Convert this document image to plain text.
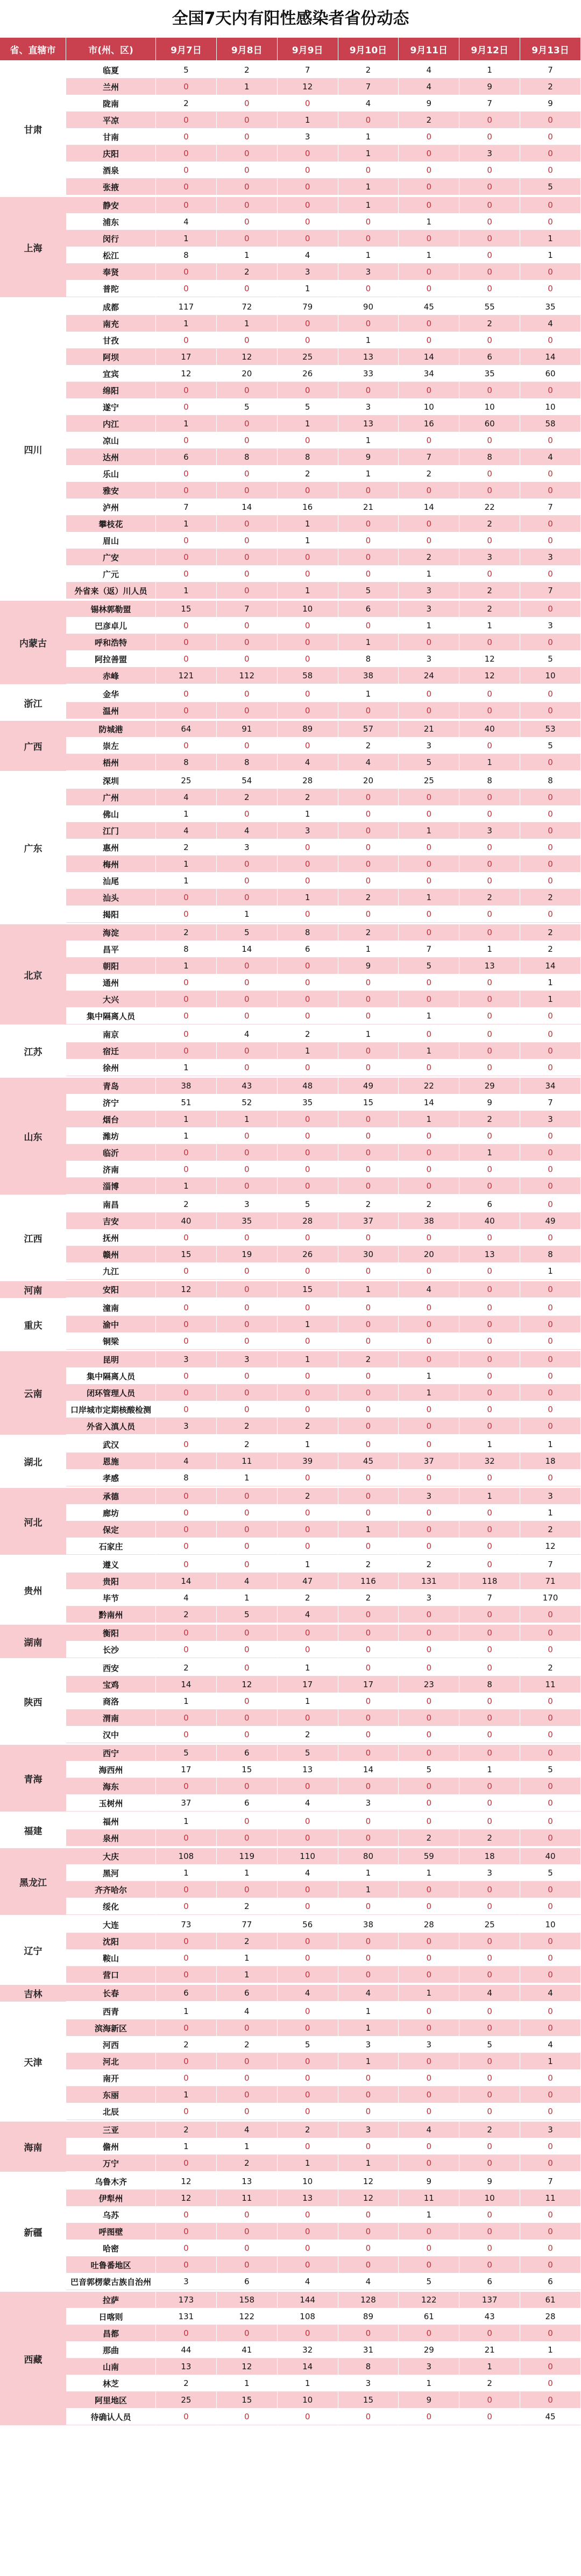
全国7天内有阳性感染者省份动态
省、直辖市	市(州、区)	9月7日	9月8日	9月9日	9月10日	9月11日	9月12日	9月13日
甘肃
临夏	5	2	7	2	4	1	7
兰州	0	1	12	7	4	9	2
陇南	2	0	0	4	9	7	9
平凉	0	0	1	0	2	0	0
甘南	0	0	3	1	0	0	0
庆阳	0	0	0	1	0	3	0
酒泉	0	0	0	0	0	0	0
张掖	0	0	0	1	0	0	5
上海
静安	0	0	0	1	0	0	0
浦东	4	0	0	0	1	0	0
闵行	1	0	0	0	0	0	1
松江	8	1	4	1	1	0	1
奉贤	0	2	3	3	0	0	0
普陀	0	0	1	0	0	0	0
四川
成都	117	72	79	90	45	55	35
南充	1	1	0	0	0	2	4
甘孜	0	0	0	1	0	0	0
阿坝	17	12	25	13	14	6	14
宜宾	12	20	26	33	34	35	60
绵阳	0	0	0	0	0	0	0
遂宁	0	5	5	3	10	10	10
内江	1	0	1	13	16	60	58
凉山	0	0	0	1	0	0	0
达州	6	8	8	9	7	8	4
乐山	0	0	2	1	2	0	0
雅安	0	0	0	0	0	0	0
泸州	7	14	16	21	14	22	7
攀枝花	1	0	1	0	0	2	0
眉山	0	0	1	0	0	0	0
广安	0	0	0	0	2	3	3
广元	0	0	0	0	1	0	0
外省来（返）川人员	1	0	1	5	3	2	7
内蒙古
锡林郭勒盟	15	7	10	6	3	2	0
巴彦卓儿	0	0	0	0	1	1	3
呼和浩特	0	0	0	1	0	0	0
阿拉善盟	0	0	0	8	3	12	5
赤峰	121	112	58	38	24	12	10
浙江
金华	0	0	0	1	0	0	0
温州	0	0	0	0	0	0	0
广西
防城港	64	91	89	57	21	40	53
崇左	0	0	0	2	3	0	5
梧州	8	8	4	4	5	1	0
广东
深圳	25	54	28	20	25	8	8
广州	4	2	2	0	0	0	0
佛山	1	0	1	0	0	0	0
江门	4	4	3	0	1	3	0
惠州	2	3	0	0	0	0	0
梅州	1	0	0	0	0	0	0
汕尾	1	0	0	0	0	0	0
汕头	0	0	1	2	1	2	2
揭阳	0	1	0	0	0	0	0
北京
海淀	2	5	8	2	0	0	2
昌平	8	14	6	1	7	1	2
朝阳	1	0	0	9	5	13	14
通州	0	0	0	0	0	0	1
大兴	0	0	0	0	0	0	1
集中隔离人员	0	0	0	0	1	0	0
江苏
南京	0	4	2	1	0	0	0
宿迁	0	0	1	0	1	0	0
徐州	1	0	0	0	0	0	0
山东
青岛	38	43	48	49	22	29	34
济宁	51	52	35	15	14	9	7
烟台	1	1	0	0	1	2	3
潍坊	1	0	0	0	0	0	0
临沂	0	0	0	0	0	1	0
济南	0	0	0	0	0	0	0
淄博	1	0	0	0	0	0	0
江西
南昌	2	3	5	2	2	6	0
吉安	40	35	28	37	38	40	49
抚州	0	0	0	0	0	0	0
赣州	15	19	26	30	20	13	8
九江	0	0	0	0	0	0	1
河南	安阳	12	0	15	1	4	0	0
重庆
潼南	0	0	0	0	0	0	0
渝中	0	0	1	0	0	0	0
铜梁	0	0	0	0	0	0	0
云南
昆明	3	3	1	2	0	0	0
集中隔离人员	0	0	0	0	1	0	0
闭环管理人员	0	0	0	0	1	0	0
口岸城市定期核酸检测	0	0	0	0	0	0	0
外省入滇人员	3	2	2	0	0	0	0
湖北
武汉	0	2	1	0	0	1	1
恩施	4	11	39	45	37	32	18
孝感	8	1	0	0	0	0	0
河北
承德	0	0	2	0	3	1	3
廊坊	0	0	0	0	0	0	1
保定	0	0	0	1	0	0	2
石家庄	0	0	0	0	0	0	12
贵州
遵义	0	0	1	2	2	0	7
贵阳	14	4	47	116	131	118	71
毕节	4	1	2	2	3	7	170
黔南州	2	5	4	0	0	0	0
湖南
衡阳	0	0	0	0	0	0	0
长沙	0	0	0	0	0	0	0
陕西
西安	2	0	1	0	0	0	2
宝鸡	14	12	17	17	23	8	11
商洛	1	0	1	0	0	0	0
渭南	0	0	0	0	0	0	0
汉中	0	0	2	0	0	0	0
青海
西宁	5	6	5	0	0	0	0
海西州	17	15	13	14	5	1	5
海东	0	0	0	0	0	0	0
玉树州	37	6	4	3	0	0	0
福建
福州	1	0	0	0	0	0	0
泉州	0	0	0	0	2	2	0
黑龙江
大庆	108	119	110	80	59	18	40
黑河	1	1	4	1	1	3	5
齐齐哈尔	0	0	0	1	0	0	0
绥化	0	2	0	0	0	0	0
辽宁
大连	73	77	56	38	28	25	10
沈阳	0	2	0	0	0	0	0
鞍山	0	1	0	0	0	0	0
营口	0	1	0	0	0	0	0
吉林	长春	6	6	4	4	1	4	4
天津
西青	1	4	0	1	0	0	0
滨海新区	0	0	0	1	0	0	0
河西	2	2	5	3	3	5	4
河北	0	0	0	1	0	0	1
南开	0	0	0	0	0	0	0
东丽	1	0	0	0	0	0	0
北辰	0	0	0	0	0	0	0
海南
三亚	2	4	2	3	4	2	3
儋州	1	1	0	0	0	0	0
万宁	0	2	1	1	0	0	0
新疆
乌鲁木齐	12	13	10	12	9	9	7
伊犁州	12	11	13	12	11	10	11
乌苏	0	0	0	0	1	0	0
呼图壁	0	0	0	0	0	0	0
哈密	0	0	0	0	0	0	0
吐鲁番地区	0	0	0	0	0	0	0
巴音郭楞蒙古族自治州	3	6	4	4	5	6	6
西藏
拉萨	173	158	144	128	122	137	61
日喀则	131	122	108	89	61	43	28
昌都	0	0	0	0	0	0	0
那曲	44	41	32	31	29	21	1
山南	13	12	14	8	3	1	0
林芝	2	1	1	3	1	2	0
阿里地区	25	15	10	15	9	0	0
待确认人员	0	0	0	0	0	0	45
